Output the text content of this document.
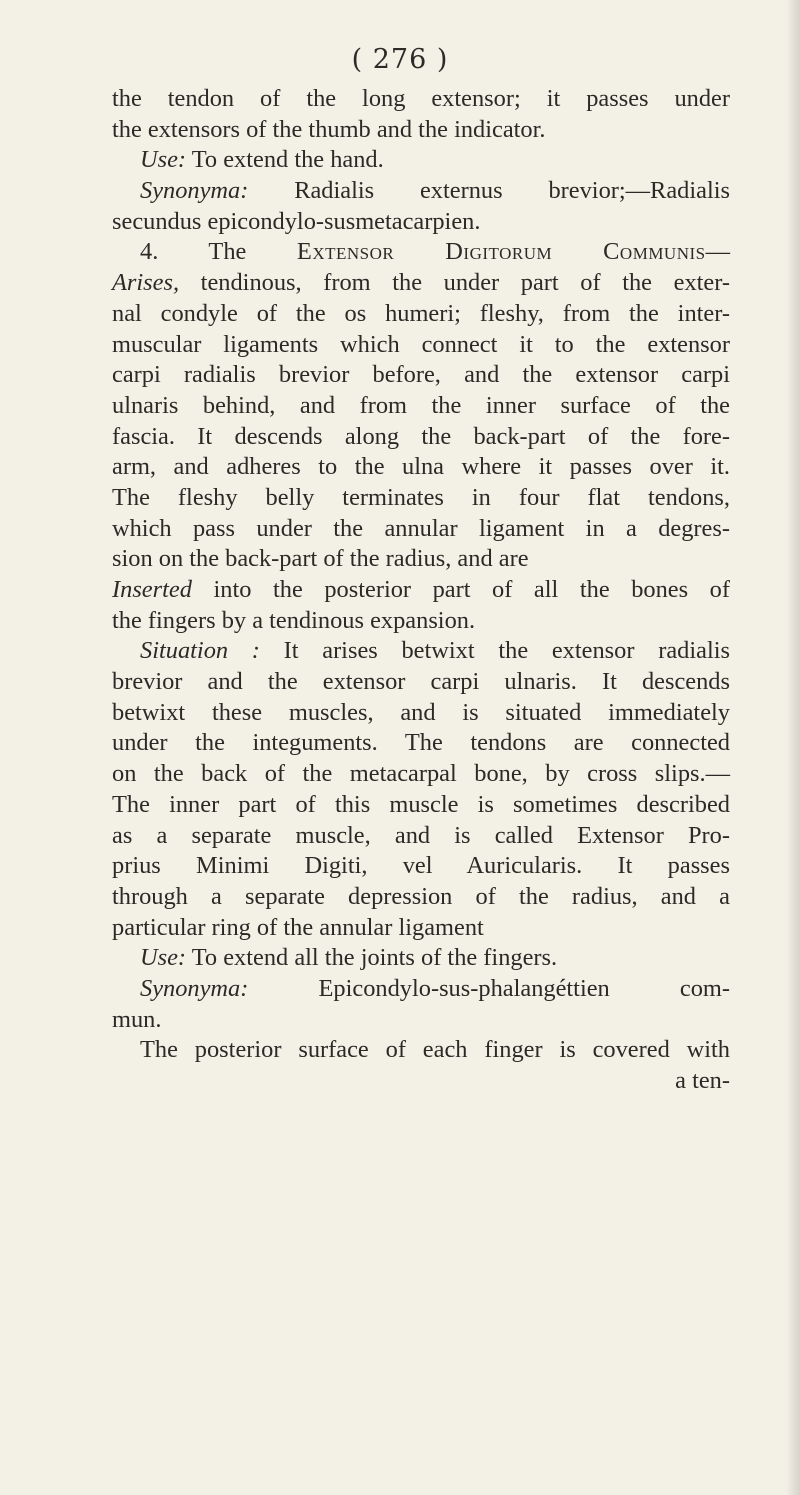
( 276 )
the tendon of the long extensor; it passes under
the extensors of the thumb and the indicator.
Use: To extend the hand.
Synonyma: Radialis externus brevior;—Radialis
secundus epicondylo-susmetacarpien.
4. The Extensor Digitorum Communis—
Arises, tendinous, from the under part of the exter-
nal condyle of the os humeri; fleshy, from the inter-
muscular ligaments which connect it to the extensor
carpi radialis brevior before, and the extensor carpi
ulnaris behind, and from the inner surface of the
fascia. It descends along the back-part of the fore-
arm, and adheres to the ulna where it passes over it.
The fleshy belly terminates in four flat tendons,
which pass under the annular ligament in a degres-
sion on the back-part of the radius, and are
Inserted into the posterior part of all the bones of
the fingers by a tendinous expansion.
Situation : It arises betwixt the extensor radialis
brevior and the extensor carpi ulnaris. It descends
betwixt these muscles, and is situated immediately
under the integuments. The tendons are connected
on the back of the metacarpal bone, by cross slips.—
The inner part of this muscle is sometimes described
as a separate muscle, and is called Extensor Pro-
prius Minimi Digiti, vel Auricularis. It passes
through a separate depression of the radius, and a
particular ring of the annular ligament
Use: To extend all the joints of the fingers.
Synonyma: Epicondylo-sus-phalangéttien com-
mun.
The posterior surface of each finger is covered with
a ten-
